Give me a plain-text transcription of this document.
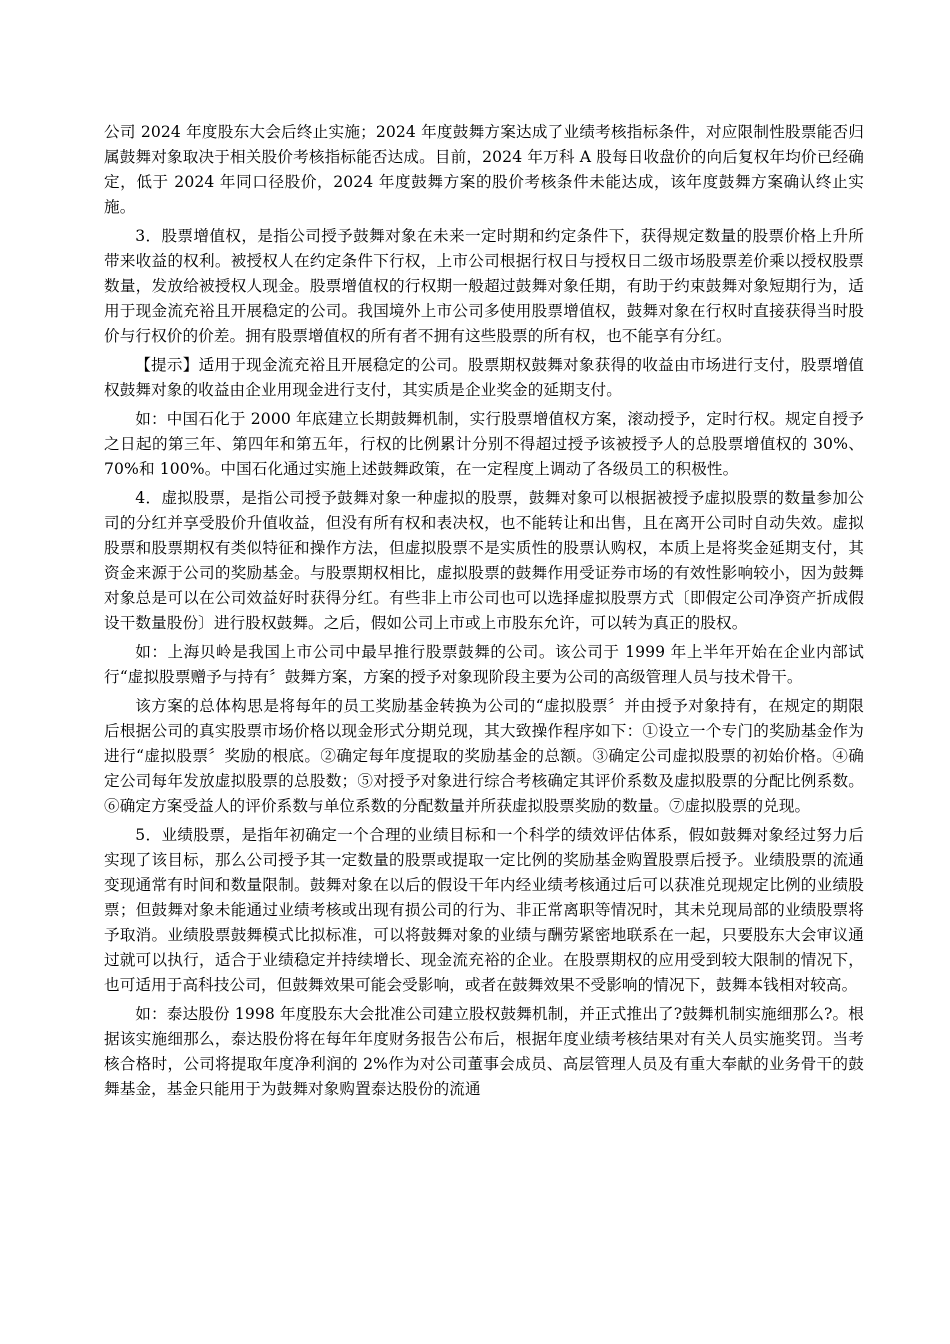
公司 2024 年度股东大会后终止实施；2024 年度鼓舞方案达成了业绩考核指标条件，对应限制性股票能否归属鼓舞对象取决于相关股价考核指标能否达成。目前，2024 年万科 A 股每日收盘价的向后复权年均价已经确定，低于 2024 年同口径股价，2024 年度鼓舞方案的股价考核条件未能达成，该年度鼓舞方案确认终止实施。

3．股票增值权，是指公司授予鼓舞对象在未来一定时期和约定条件下，获得规定数量的股票价格上升所带来收益的权利。被授权人在约定条件下行权，上市公司根据行权日与授权日二级市场股票差价乘以授权股票数量，发放给被授权人现金。股票增值权的行权期一般超过鼓舞对象任期，有助于约束鼓舞对象短期行为，适用于现金流充裕且开展稳定的公司。我国境外上市公司多使用股票增值权，鼓舞对象在行权时直接获得当时股价与行权价的价差。拥有股票增值权的所有者不拥有这些股票的所有权，也不能享有分红。

【提示】适用于现金流充裕且开展稳定的公司。股票期权鼓舞对象获得的收益由市场进行支付，股票增值权鼓舞对象的收益由企业用现金进行支付，其实质是企业奖金的延期支付。

如：中国石化于 2000 年底建立长期鼓舞机制，实行股票增值权方案，滚动授予，定时行权。规定自授予之日起的第三年、第四年和第五年，行权的比例累计分别不得超过授予该被授予人的总股票增值权的 30%、70%和 100%。中国石化通过实施上述鼓舞政策，在一定程度上调动了各级员工的积极性。

4．虚拟股票，是指公司授予鼓舞对象一种虚拟的股票，鼓舞对象可以根据被授予虚拟股票的数量参加公司的分红并享受股价升值收益，但没有所有权和表决权，也不能转让和出售，且在离开公司时自动失效。虚拟股票和股票期权有类似特征和操作方法，但虚拟股票不是实质性的股票认购权，本质上是将奖金延期支付，其资金来源于公司的奖励基金。与股票期权相比，虚拟股票的鼓舞作用受证券市场的有效性影响较小，因为鼓舞对象总是可以在公司效益好时获得分红。有些非上市公司也可以选择虚拟股票方式〔即假定公司净资产折成假设干数量股份〕进行股权鼓舞。之后，假如公司上市或上市股东允许，可以转为真正的股权。

如：上海贝岭是我国上市公司中最早推行股票鼓舞的公司。该公司于 1999 年上半年开始在企业内部试行“虚拟股票赠予与持有〞鼓舞方案，方案的授予对象现阶段主要为公司的高级管理人员与技术骨干。

该方案的总体构思是将每年的员工奖励基金转换为公司的“虚拟股票〞并由授予对象持有，在规定的期限后根据公司的真实股票市场价格以现金形式分期兑现，其大致操作程序如下：①设立一个专门的奖励基金作为进行“虚拟股票〞奖励的根底。②确定每年度提取的奖励基金的总额。③确定公司虚拟股票的初始价格。④确定公司每年发放虚拟股票的总股数；⑤对授予对象进行综合考核确定其评价系数及虚拟股票的分配比例系数。⑥确定方案受益人的评价系数与单位系数的分配数量并所获虚拟股票奖励的数量。⑦虚拟股票的兑现。

5．业绩股票，是指年初确定一个合理的业绩目标和一个科学的绩效评估体系，假如鼓舞对象经过努力后实现了该目标，那么公司授予其一定数量的股票或提取一定比例的奖励基金购置股票后授予。业绩股票的流通变现通常有时间和数量限制。鼓舞对象在以后的假设干年内经业绩考核通过后可以获准兑现规定比例的业绩股票；但鼓舞对象未能通过业绩考核或出现有损公司的行为、非正常离职等情况时，其未兑现局部的业绩股票将予取消。业绩股票鼓舞模式比拟标准，可以将鼓舞对象的业绩与酬劳紧密地联系在一起，只要股东大会审议通过就可以执行，适合于业绩稳定并持续增长、现金流充裕的企业。在股票期权的应用受到较大限制的情况下，也可适用于高科技公司，但鼓舞效果可能会受影响，或者在鼓舞效果不受影响的情况下，鼓舞本钱相对较高。

如：泰达股份 1998 年度股东大会批准公司建立股权鼓舞机制，并正式推出了?鼓舞机制实施细那么?。根据该实施细那么，泰达股份将在每年年度财务报告公布后，根据年度业绩考核结果对有关人员实施奖罚。当考核合格时，公司将提取年度净利润的 2%作为对公司董事会成员、高层管理人员及有重大奉献的业务骨干的鼓舞基金，基金只能用于为鼓舞对象购置泰达股份的流通
